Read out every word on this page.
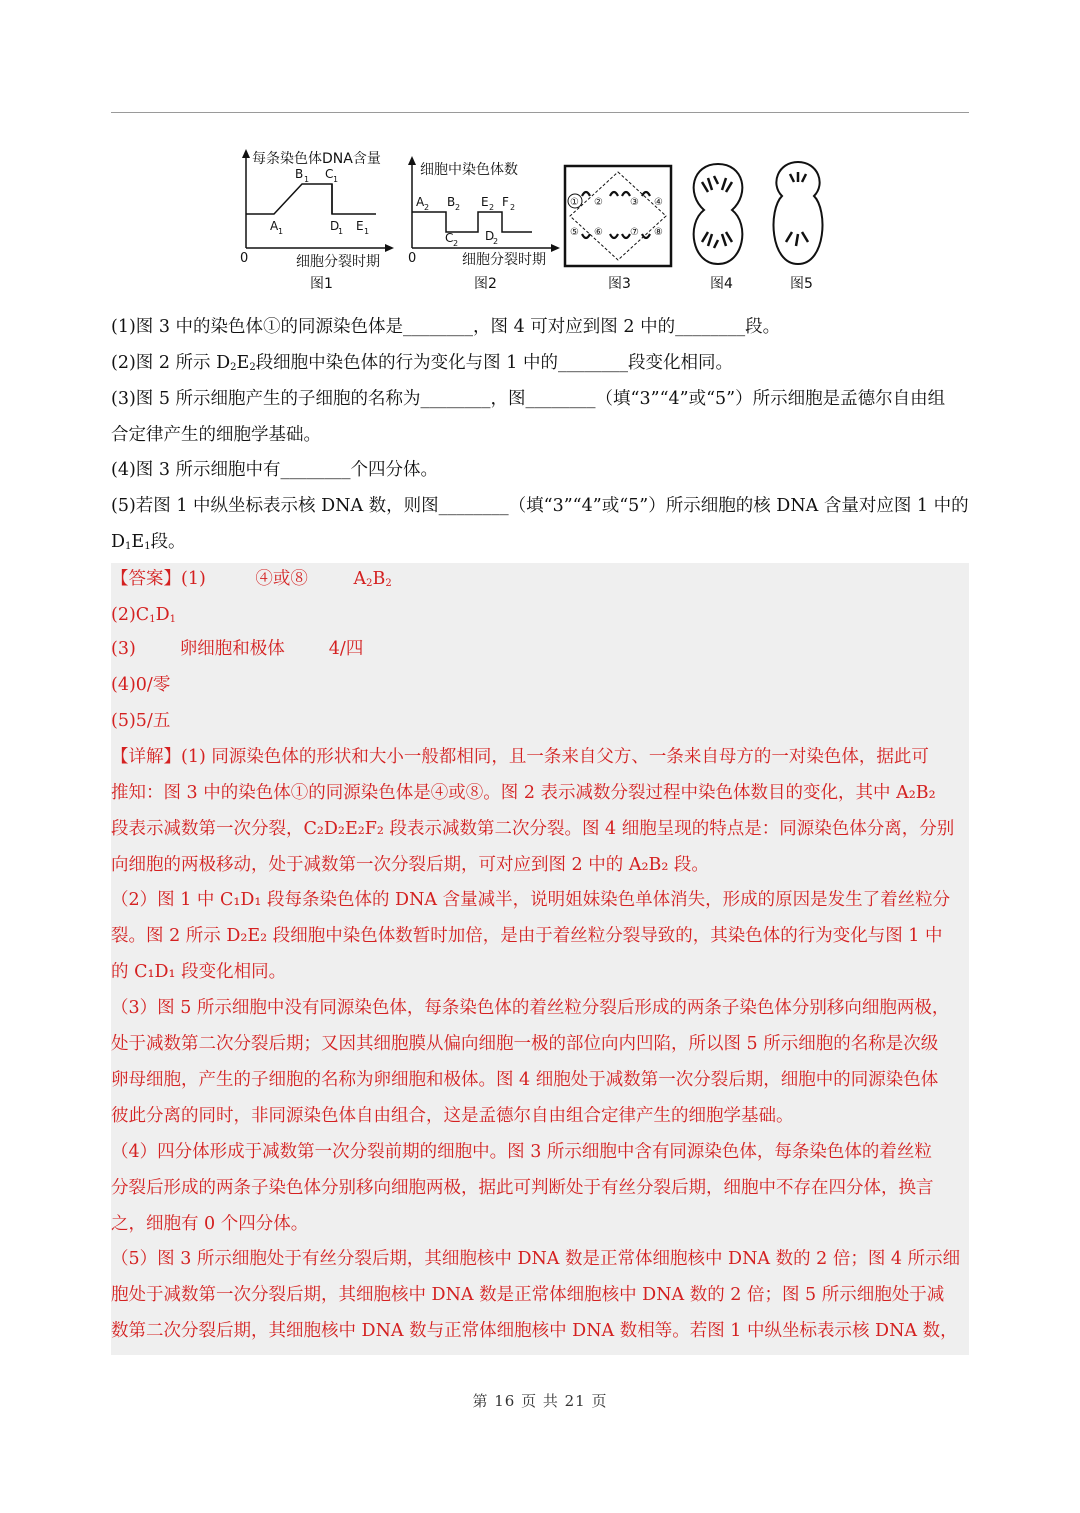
每条染色体DNA含量
A 1
B 1 C 1
D
1 E 1
0	细胞分裂时期
图1
细胞中染色体数
A 2 B 2
C 2
E 2
D
2
F 2
0	细胞分裂时期
图2
① ②	③ ④
⑤ ⑥	⑦ ⑧
图3	图4	图5
(1)图 3 中的染色体①的同源染色体是________，图 4 可对应到图 2 中的________段。
(2)图 2 所示 $D_2E_2$段细胞中染色体的行为变化与图 1 中的________段变化相同。
(3)图 5 所示细胞产生的子细胞的名称为________，图________（填“3”“4”或“5”）所示细胞是孟德尔自由组
合定律产生的细胞学基础。
(4)图 3 所示细胞中有________个四分体。
(5)若图 1 中纵坐标表示核 DNA 数，则图________（填“3”“4”或“5”）所示细胞的核 DNA 含量对应图 1 中的
$D_1E_1$段。
【答案】(1)	④或⑧	$A_2B_2$
$(2)C_1D_1$
(3)	卵细胞和极体	4/四
(4)0/零
(5)5/五

【详解】(1) 同源染色体的形状和大小一般都相同，且一条来自父方、一条来自母方的一对染色体，据此可

推知：图 3 中的染色体①的同源染色体是④或⑧。图 2 表示减数分裂过程中染色体数目的变化，其中 A₂B₂

段表示减数第一次分裂，C₂D₂E₂F₂ 段表示减数第二次分裂。图 4 细胞呈现的特点是：同源染色体分离，分别

向细胞的两极移动，处于减数第一次分裂后期，可对应到图 2 中的 A₂B₂ 段。

（2）图 1 中 C₁D₁ 段每条染色体的 DNA 含量减半，说明姐妹染色单体消失，形成的原因是发生了着丝粒分

裂。图 2 所示 D₂E₂ 段细胞中染色体数暂时加倍，是由于着丝粒分裂导致的，其染色体的行为变化与图 1 中

的 C₁D₁ 段变化相同。

（3）图 5 所示细胞中没有同源染色体，每条染色体的着丝粒分裂后形成的两条子染色体分别移向细胞两极，

处于减数第二次分裂后期；又因其细胞膜从偏向细胞一极的部位向内凹陷，所以图 5 所示细胞的名称是次级

卵母细胞，产生的子细胞的名称为卵细胞和极体。图 4 细胞处于减数第一次分裂后期，细胞中的同源染色体

彼此分离的同时，非同源染色体自由组合，这是孟德尔自由组合定律产生的细胞学基础。

（4）四分体形成于减数第一次分裂前期的细胞中。图 3 所示细胞中含有同源染色体，每条染色体的着丝粒

分裂后形成的两条子染色体分别移向细胞两极，据此可判断处于有丝分裂后期，细胞中不存在四分体，换言

之，细胞有 0 个四分体。

（5）图 3 所示细胞处于有丝分裂后期，其细胞核中 DNA 数是正常体细胞核中 DNA 数的 2 倍；图 4 所示细

胞处于减数第一次分裂后期，其细胞核中 DNA 数是正常体细胞核中 DNA 数的 2 倍；图 5 所示细胞处于减

数第二次分裂后期，其细胞核中 DNA 数与正常体细胞核中 DNA 数相等。若图 1 中纵坐标表示核 DNA 数，

第 16 页 共 21 页
